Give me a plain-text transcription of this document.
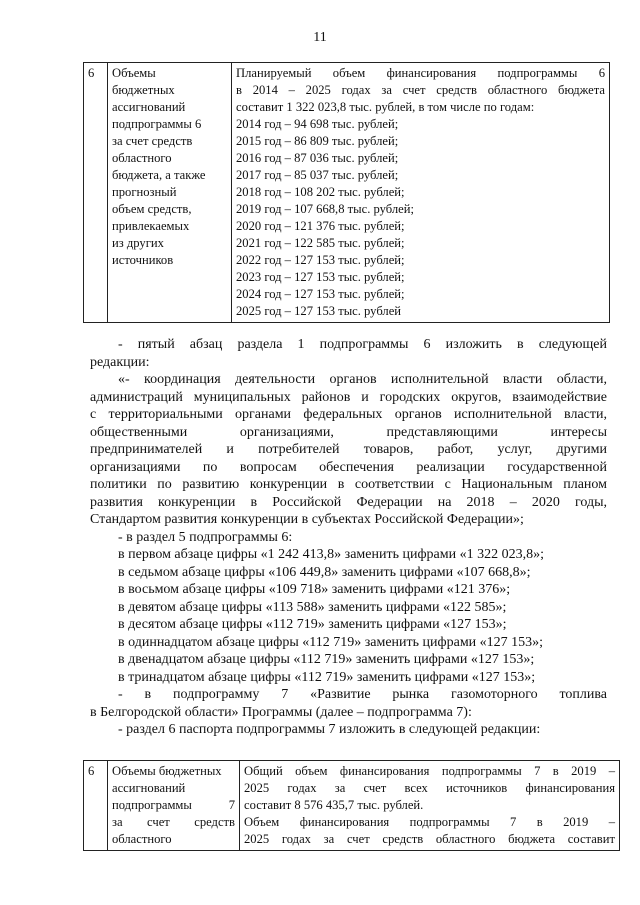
11
6	Объемы
бюджетных
ассигнований
подпрограммы 6
за счет средств
областного
бюджета, а также
прогнозный
объем средств,
привлекаемых
из других
источников

Планируемый объем финансирования подпрограммы 6
в 2014 – 2025 годах за счет средств областного бюджета
составит 1 322 023,8 тыс. рублей, в том числе по годам:
2014 год – 94 698 тыс. рублей;
2015 год – 86 809 тыс. рублей;
2016 год – 87 036 тыс. рублей;
2017 год – 85 037 тыс. рублей;
2018 год – 108 202 тыс. рублей;
2019 год – 107 668,8 тыс. рублей;
2020 год – 121 376 тыс. рублей;
2021 год – 122 585 тыс. рублей;
2022 год – 127 153 тыс. рублей;
2023 год – 127 153 тыс. рублей;
2024 год – 127 153 тыс. рублей;
2025 год – 127 153 тыс. рублей
- пятый абзац раздела 1 подпрограммы 6 изложить в следующей
редакции:
«- координация деятельности органов исполнительной власти области,
администраций муниципальных районов и городских округов, взаимодействие
с территориальными органами федеральных органов исполнительной власти,
общественными организациями, представляющими интересы
предпринимателей и потребителей товаров, работ, услуг, другими
организациями по вопросам обеспечения реализации государственной
политики по развитию конкуренции в соответствии с Национальным планом
развития конкуренции в Российской Федерации на 2018 – 2020 годы,
Стандартом развития конкуренции в субъектах Российской Федерации»;
- в раздел 5 подпрограммы 6:
в первом абзаце цифры «1 242 413,8» заменить цифрами «1 322 023,8»;
в седьмом абзаце цифры «106 449,8» заменить цифрами «107 668,8»;
в восьмом абзаце цифры «109 718» заменить цифрами «121 376»;
в девятом абзаце цифры «113 588» заменить цифрами «122 585»;
в десятом абзаце цифры «112 719» заменить цифрами «127 153»;
в одиннадцатом абзаце цифры «112 719» заменить цифрами «127 153»;
в двенадцатом абзаце цифры «112 719» заменить цифрами «127 153»;
в тринадцатом абзаце цифры «112 719» заменить цифрами «127 153»;
- в подпрограмму 7 «Развитие рынка газомоторного топлива
в Белгородской области» Программы (далее – подпрограмма 7):
- раздел 6 паспорта подпрограммы 7 изложить в следующей редакции:
6	Объемы бюджетных
ассигнований
подпрограммы 7
за счет средств
областного

Общий объем финансирования подпрограммы 7 в 2019 –
2025 годах за счет всех источников финансирования
составит 8 576 435,7 тыс. рублей.
Объем финансирования подпрограммы 7 в 2019 –
2025 годах за счет средств областного бюджета составит
